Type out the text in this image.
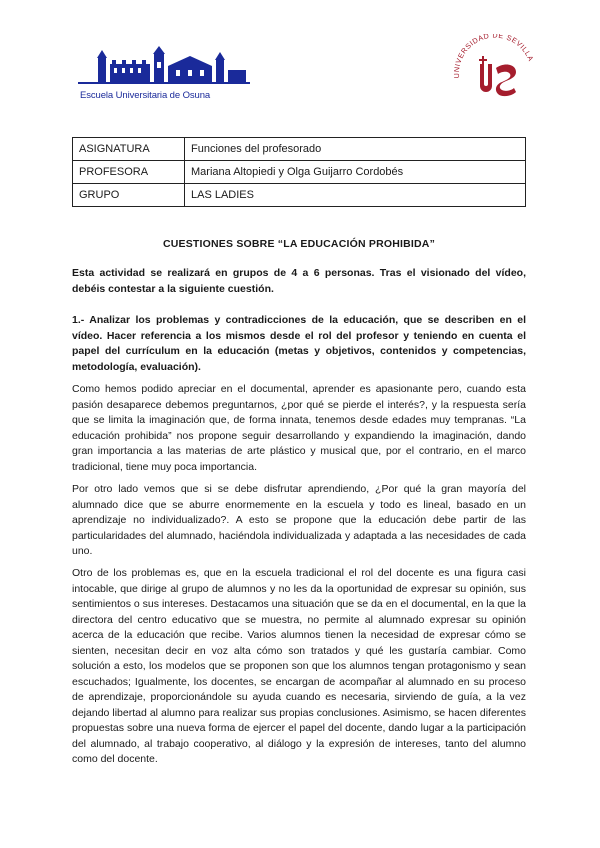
Escuela Universitaria de Osuna
UNIVERSIDAD DE SEVILLA
ASIGNATURA	Funciones del profesorado
PROFESORA	Mariana Altopiedi y Olga Guijarro Cordobés
GRUPO	LAS LADIES
CUESTIONES SOBRE “LA EDUCACIÓN PROHIBIDA”
Esta actividad se realizará en grupos de 4 a 6 personas. Tras el visionado del vídeo, debéis contestar a la siguiente cuestión.
1.- Analizar los problemas y contradicciones de la educación, que se describen en el vídeo. Hacer referencia a los mismos desde el rol del profesor y teniendo en cuenta el papel del currículum en la educación (metas y objetivos, contenidos y competencias, metodología, evaluación).
Como hemos podido apreciar en el documental, aprender es apasionante pero, cuando esta pasión desaparece debemos preguntarnos, ¿por qué se pierde el interés?, y la respuesta sería que se limita la imaginación que, de forma innata, tenemos desde edades muy tempranas. “La educación prohibida” nos propone seguir desarrollando y expandiendo la imaginación, dando gran importancia a las materias de arte plástico y musical que, por el contrario, en el marco tradicional, tiene muy poca importancia.
Por otro lado vemos que si se debe disfrutar aprendiendo, ¿Por qué la gran mayoría del alumnado dice que se aburre enormemente en la escuela y todo es lineal, basado en un aprendizaje no individualizado?. A esto se propone que la educación debe partir de las particularidades del alumnado, haciéndola individualizada y adaptada a las necesidades de cada uno.
Otro de los problemas es, que en la escuela tradicional el rol del docente es una figura casi intocable, que dirige al grupo de alumnos y no les da la oportunidad de expresar su opinión, sus sentimientos o sus intereses. Destacamos una situación que se da en el documental, en la que la directora del centro educativo que se muestra, no permite al alumnado expresar su opinión acerca de la educación que recibe. Varios alumnos tienen la necesidad de expresar cómo se sienten, necesitan decir en voz alta cómo son tratados y qué les gustaría cambiar. Como solución a esto, los modelos que se proponen son que los alumnos tengan protagonismo y sean escuchados; Igualmente, los docentes, se encargan de acompañar al alumnado en su proceso de aprendizaje, proporcionándole su ayuda cuando es necesaria, sirviendo de guía, a la vez dejando libertad al alumno para realizar sus propias conclusiones. Asimismo, se hacen diferentes propuestas sobre una nueva forma de ejercer el papel del docente, dando lugar a la participación del alumnado, al trabajo cooperativo, al diálogo y la expresión de intereses, tanto del alumno como del docente.
